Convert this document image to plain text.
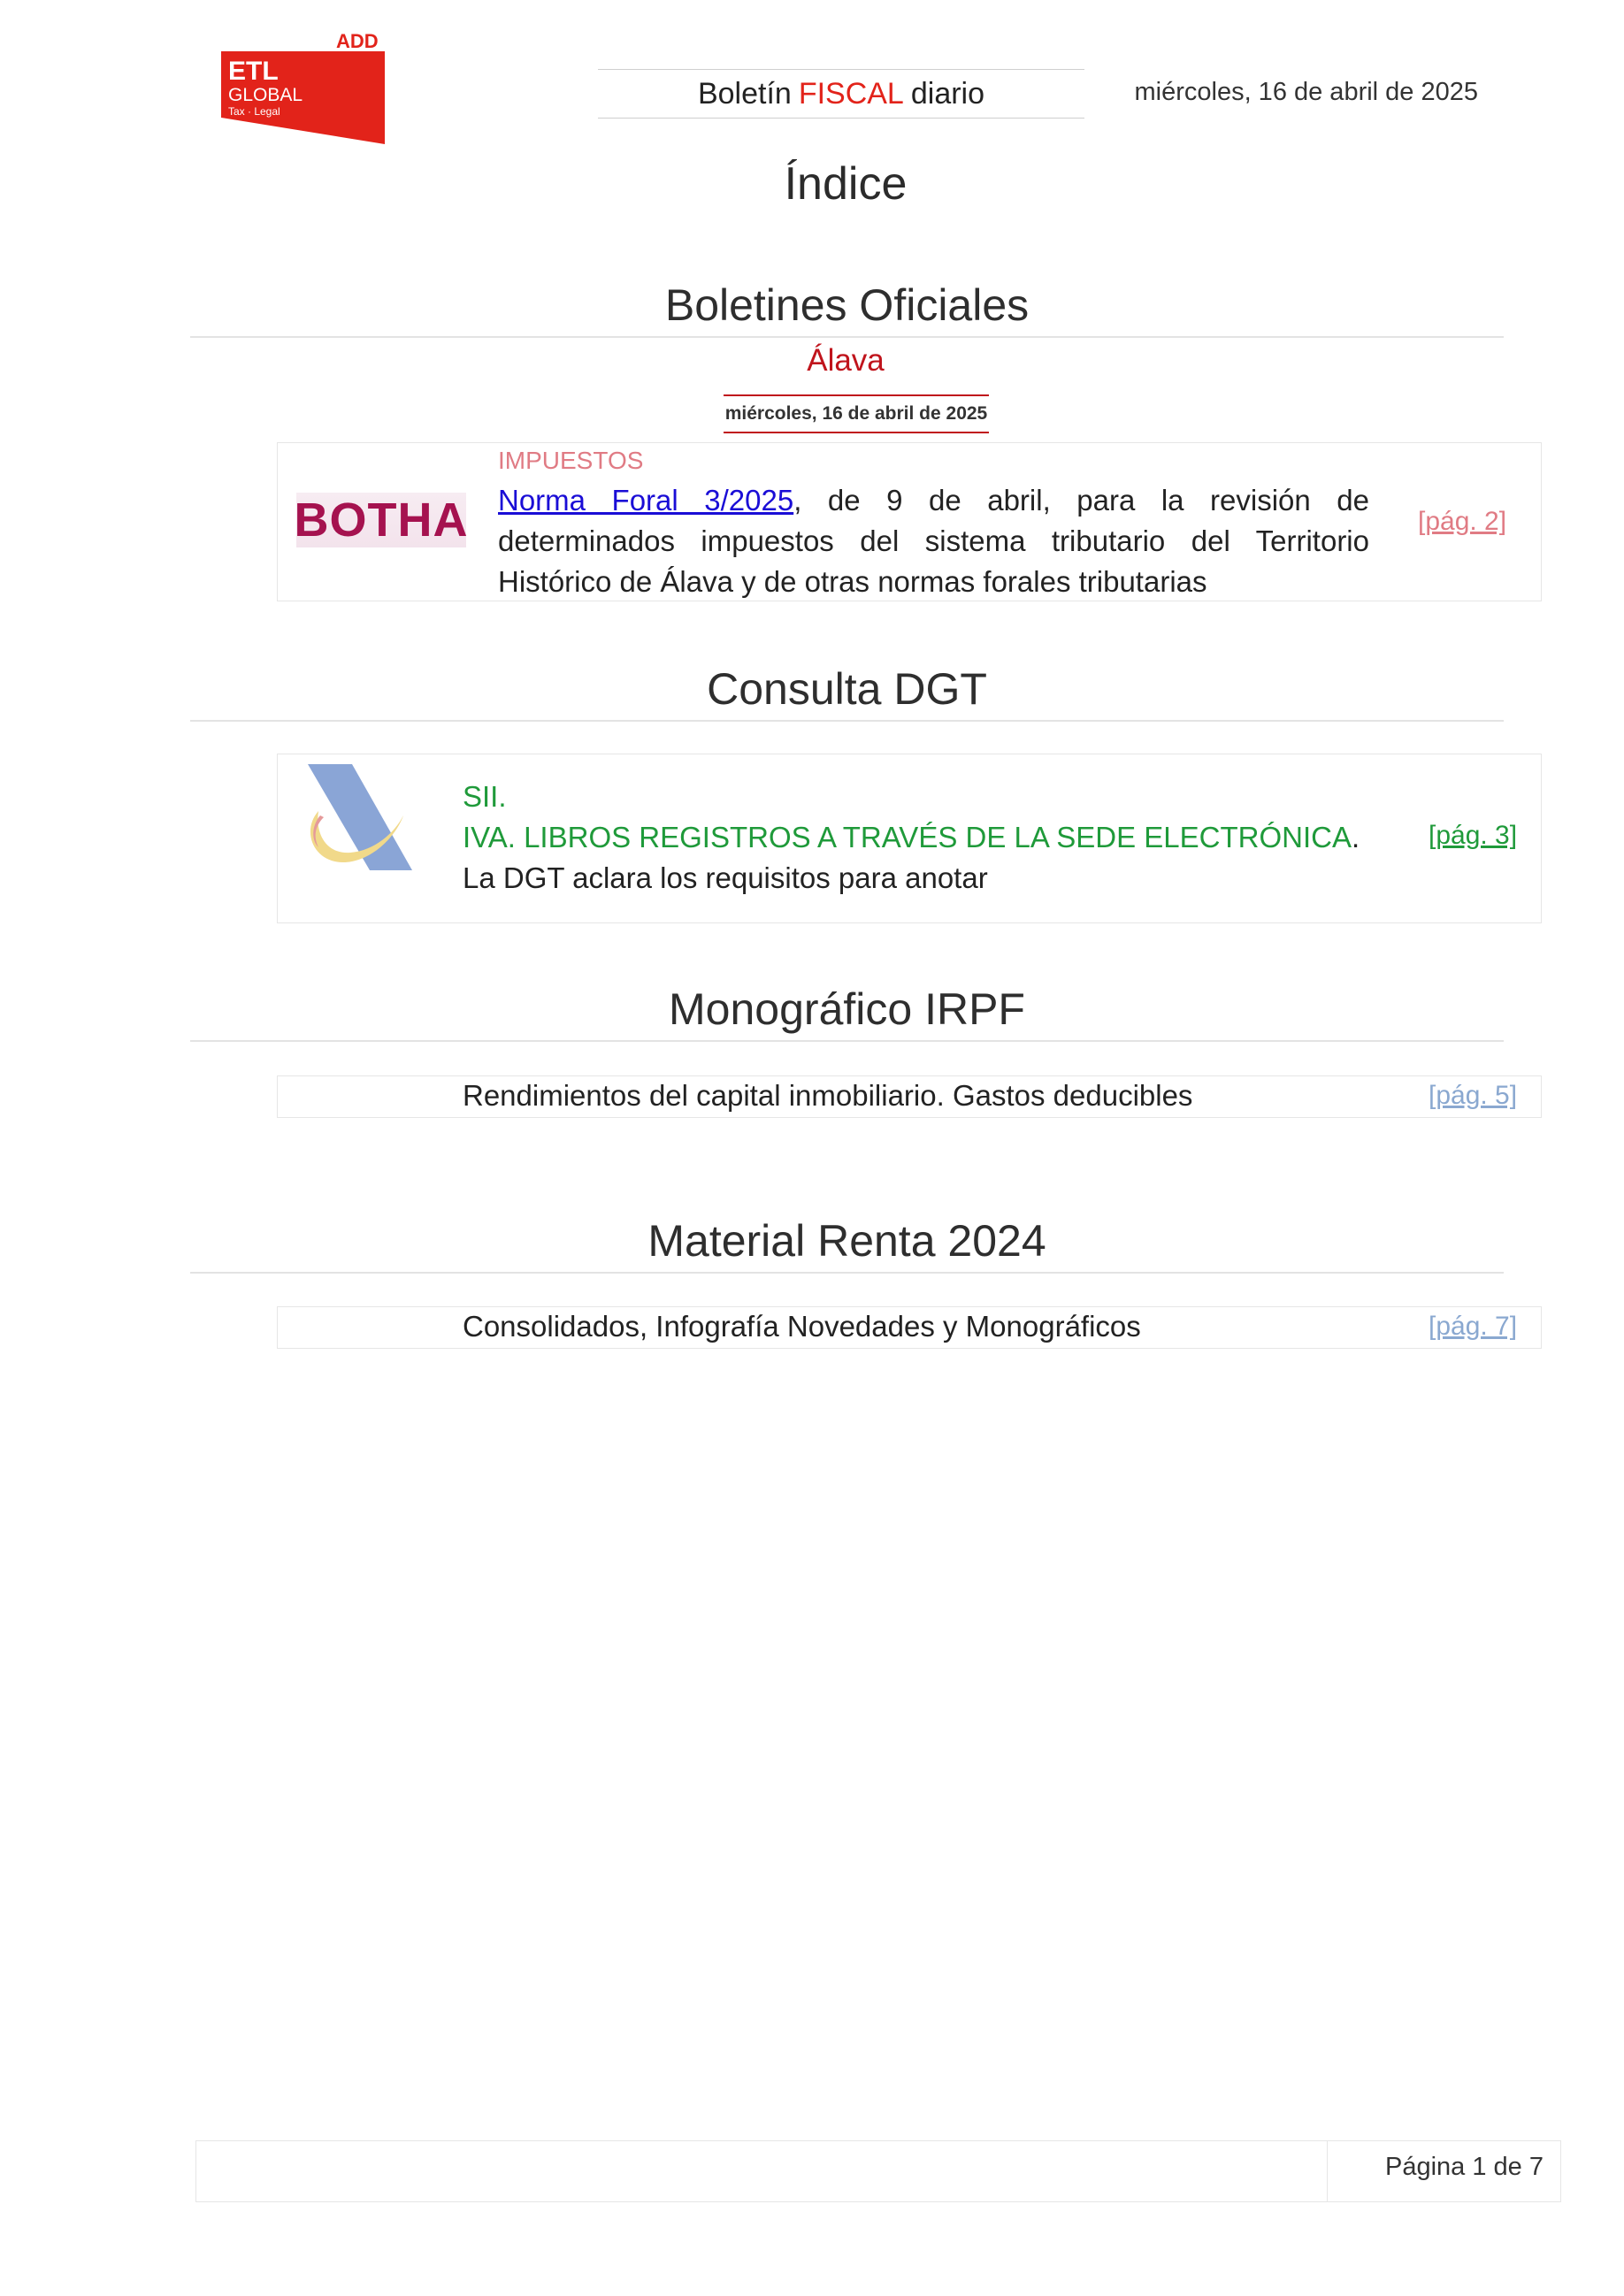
ADD
ETL
GLOBAL
Tax · Legal
Boletín FISCAL diario	miércoles, 16 de abril de 2025
Índice
Boletines Oficiales
Álava
miércoles, 16 de abril de 2025
BOTHA
IMPUESTOS
Norma Foral 3/2025, de 9 de abril, para la revisión de determinados impuestos del sistema tributario del Territorio Histórico de Álava y de otras normas forales tributarias
[pág. 2]
Consulta DGT
SII.
IVA. LIBROS REGISTROS A TRAVÉS DE LA SEDE ELECTRÓNICA. La DGT aclara los requisitos para anotar
[pág. 3]
Monográfico IRPF
Rendimientos del capital inmobiliario. Gastos deducibles	[pág. 5]
Material Renta 2024
Consolidados, Infografía Novedades y Monográficos	[pág. 7]
Página 1 de 7
